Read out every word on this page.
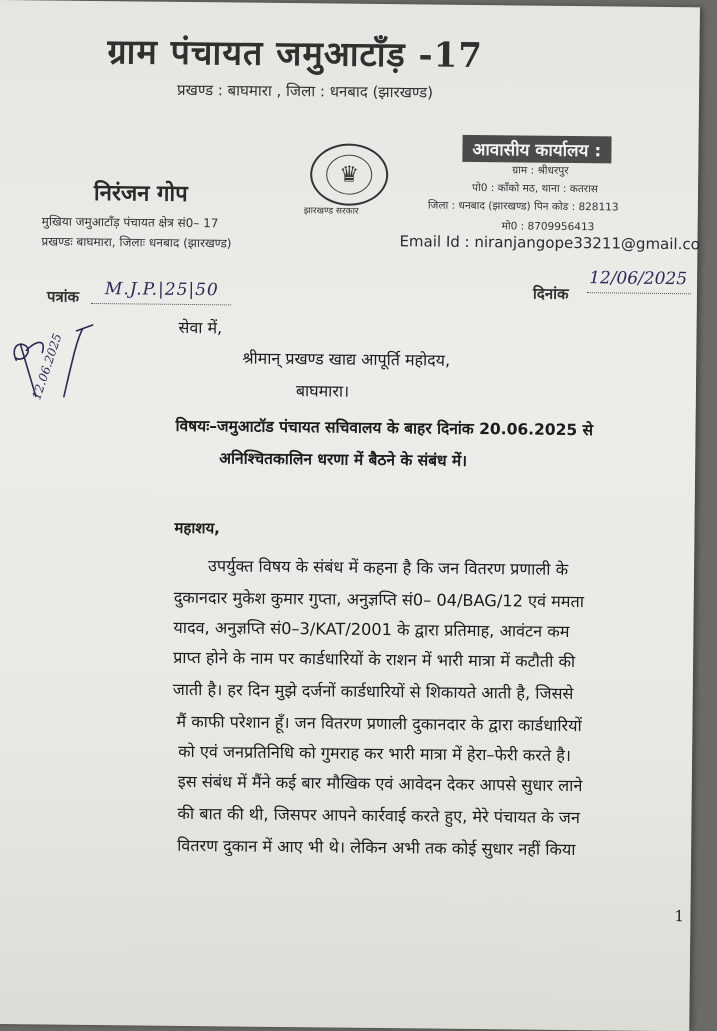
ग्राम पंचायत जमुआटाँड़ -17
प्रखण्ड : बाघमारा , जिला : धनबाद (झारखण्ड)
♛
झारखण्ड सरकार
आवासीय कार्यालय :
ग्राम : श्रीधरपुर
पो0 : काँको मठ, थाना : कतरास
जिला : धनबाद (झारखण्ड) पिन कोड : 828113
मो0 : 8709956413
Email Id : niranjangope33211@gmail.co
निरंजन गोप
मुखिया जमुआटाँड़ पंचायत क्षेत्र सं0– 17
प्रखण्डः बाघमारा, जिलाः धनबाद (झारखण्ड)
पत्रांक M.J.P.|25|50	दिनांक
12/06/2025
12.06.2025
सेवा में,
श्रीमान् प्रखण्ड खाद्य आपूर्ति महोदय,
बाघमारा।
विषयः–जमुआटॉड पंचायत सचिवालय के बाहर दिनांक 20.06.2025 से
अनिश्चितकालिन धरणा में बैठने के संबंध में।
महाशय,
उपर्युक्त विषय के संबंध में कहना है कि जन वितरण प्रणाली के
दुकानदार मुकेश कुमार गुप्ता, अनुज्ञप्ति सं0– 04/BAG/12 एवं ममता
यादव, अनुज्ञप्ति सं0–3/KAT/2001 के द्वारा प्रतिमाह, आवंटन कम
प्राप्त होने के नाम पर कार्डधारियों के राशन में भारी मात्रा में कटौती की
जाती है। हर दिन मुझे दर्जनों कार्डधारियों से शिकायते आती है, जिससे
मैं काफी परेशान हूँ। जन वितरण प्रणाली दुकानदार के द्वारा कार्डधारियों
को एवं जनप्रतिनिधि को गुमराह कर भारी मात्रा में हेरा–फेरी करते है।
इस संबंध में मैंने कई बार मौखिक एवं आवेदन देकर आपसे सुधार लाने
की बात की थी, जिसपर आपने कार्रवाई करते हुए, मेरे पंचायत के जन
वितरण दुकान में आए भी थे। लेकिन अभी तक कोई सुधार नहीं किया
1
